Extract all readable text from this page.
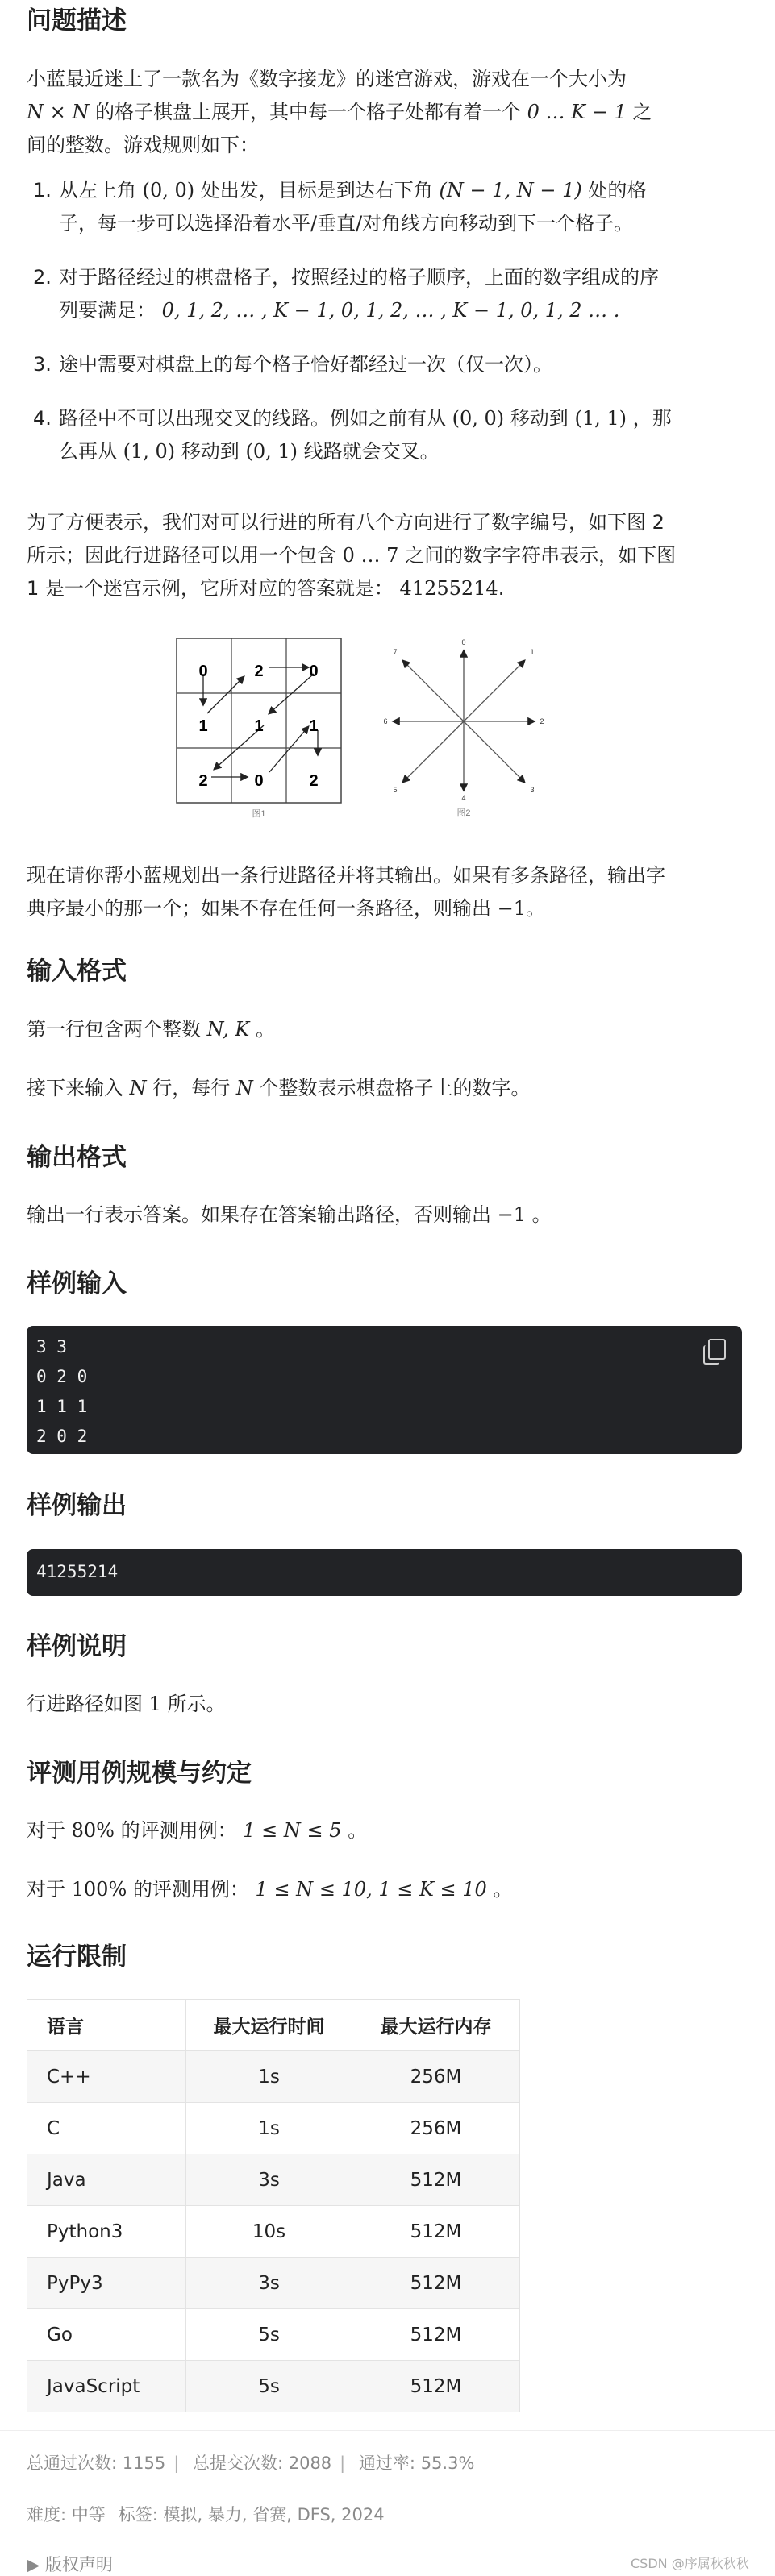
问题描述
小蓝最近迷上了一款名为《数字接龙》的迷宫游戏，游戏在一个大小为
N × N 的格子棋盘上展开，其中每一个格子处都有着一个 0 … K − 1 之
间的整数。游戏规则如下：
1. 从左上角 (0, 0) 处出发，目标是到达右下角 (N − 1, N − 1) 处的格
子，每一步可以选择沿着水平/垂直/对角线方向移动到下一个格子。
2. 对于路径经过的棋盘格子，按照经过的格子顺序，上面的数字组成的序
列要满足： 0, 1, 2, … , K − 1, 0, 1, 2, … , K − 1, 0, 1, 2 … .
3. 途中需要对棋盘上的每个格子恰好都经过一次（仅一次）。
4. 路径中不可以出现交叉的线路。例如之前有从 (0, 0) 移动到 (1, 1) ，那
么再从 (1, 0) 移动到 (0, 1) 线路就会交叉。
为了方便表示，我们对可以行进的所有八个方向进行了数字编号，如下图 2
所示；因此行进路径可以用一个包含 0 … 7 之间的数字字符串表示，如下图
1 是一个迷宫示例，它所对应的答案就是： 41255214.
0	2	0
1	1	1
2	0	2
图1
7
0
1
6	2
5
4
3
图2
现在请你帮小蓝规划出一条行进路径并将其输出。如果有多条路径，输出字
典序最小的那一个；如果不存在任何一条路径，则输出 −1。
输入格式
第一行包含两个整数 N, K 。
接下来输入 N 行，每行 N 个整数表示棋盘格子上的数字。
输出格式
输出一行表示答案。如果存在答案输出路径，否则输出 −1 。
样例输入
3 3
0 2 0
1 1 1
2 0 2
样例输出
41255214
样例说明
行进路径如图 1 所示。
评测用例规模与约定
对于 80% 的评测用例： 1 ≤ N ≤ 5 。
对于 100% 的评测用例： 1 ≤ N ≤ 10, 1 ≤ K ≤ 10 。
运行限制
语言	最大运行时间	最大运行内存
C++	1s	256M
C	1s	256M
Java	3s	512M
Python3	10s	512M
PyPy3	3s	512M
Go	5s	512M
JavaScript	5s	512M
总通过次数: 1155 | 总提交次数: 2088 | 通过率: 55.3%
难度: 中等 标签: 模拟, 暴力, 省赛, DFS, 2024
▶ 版权声明	CSDN @序属秋秋秋
